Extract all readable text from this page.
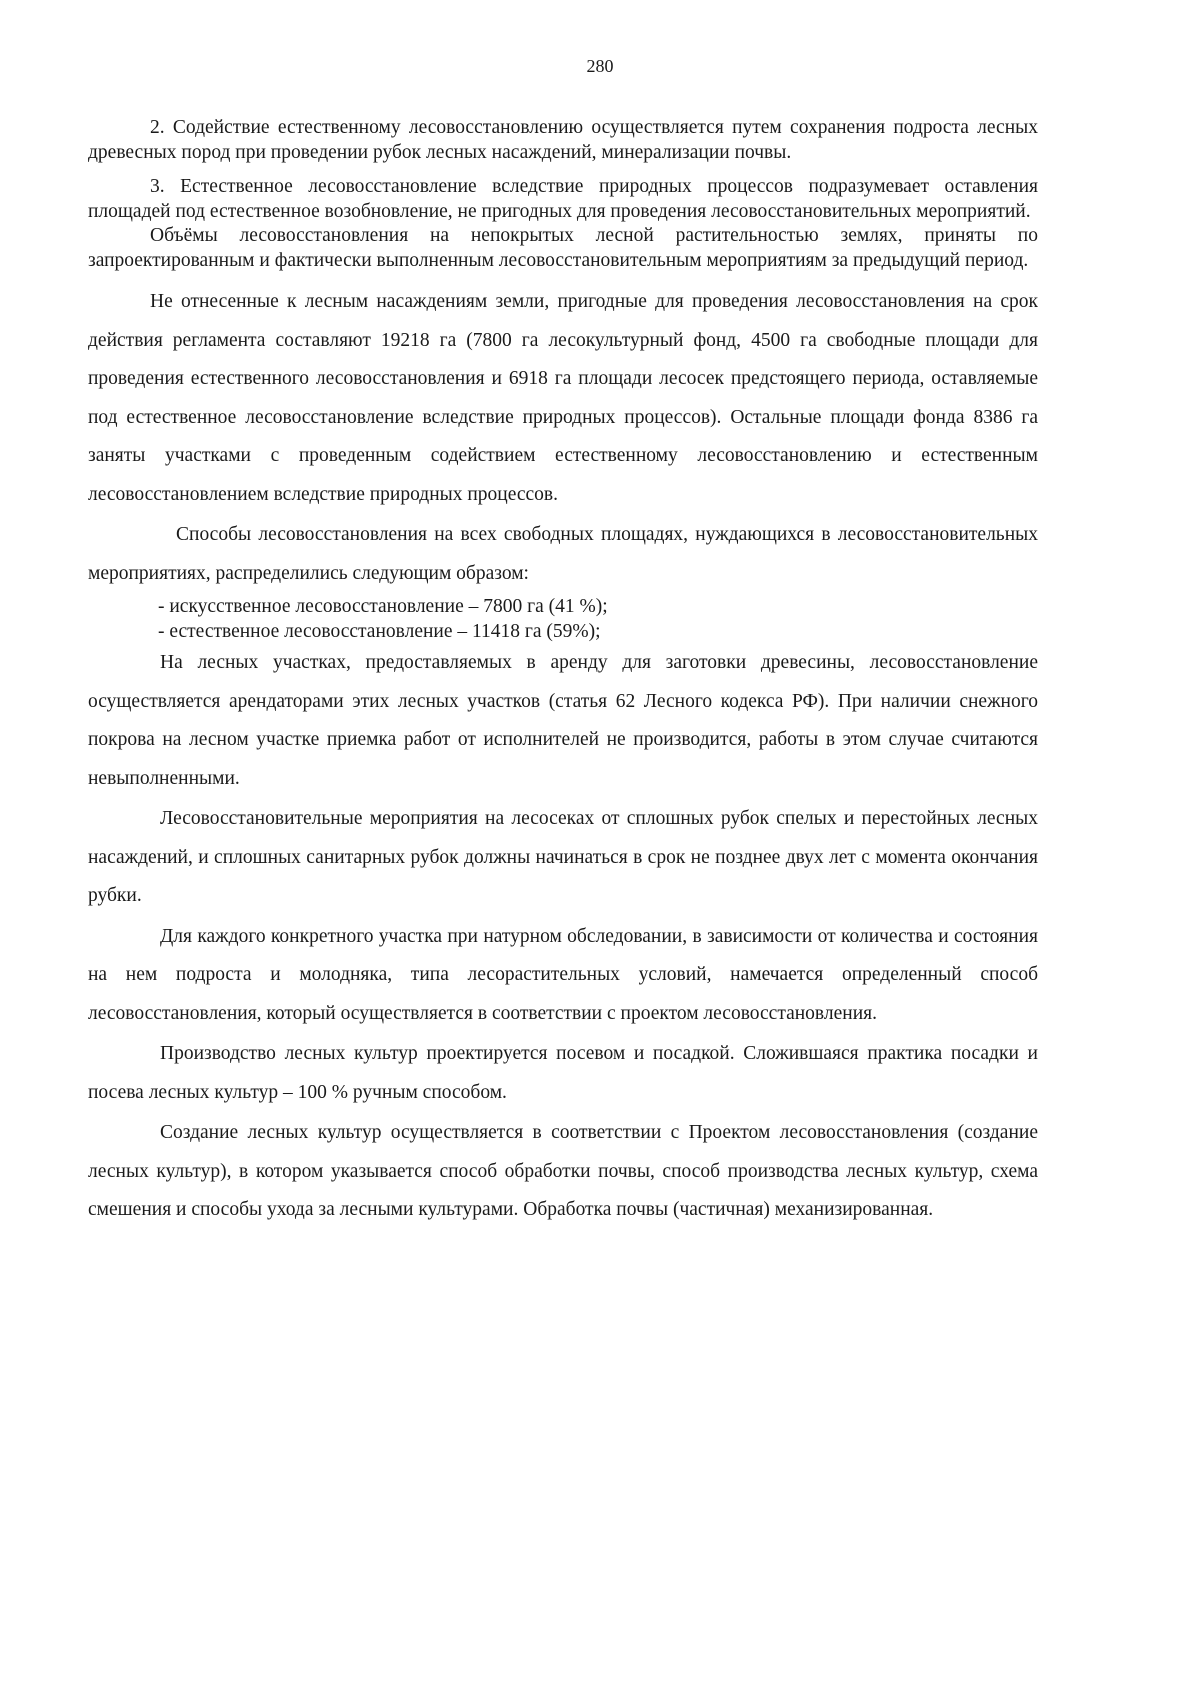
280

2. Содействие естественному лесовосстановлению осуществляется путем сохранения подроста лесных древесных пород при проведении рубок лесных насаждений, минерализации почвы.

3. Естественное лесовосстановление вследствие природных процессов подразумевает оставления площадей под естественное возобновление, не пригодных для проведения лесовосстановительных мероприятий.

Объёмы лесовосстановления на непокрытых лесной растительностью землях, приняты по запроектированным и фактически выполненным лесовосстановительным мероприятиям за предыдущий период.

Не отнесенные к лесным насаждениям земли, пригодные для проведения лесовосстановления на срок действия регламента составляют 19218 га (7800 га лесокультурный фонд, 4500 га свободные площади для проведения естественного лесовосстановления и 6918 га площади лесосек предстоящего периода, оставляемые под естественное лесовосстановление вследствие природных процессов). Остальные площади фонда 8386 га заняты участками с проведенным содействием естественному лесовосстановлению и естественным лесовосстановлением вследствие природных процессов.

Способы лесовосстановления на всех свободных площадях, нуждающихся в лесовосстановительных мероприятиях, распределились следующим образом:

- искусственное лесовосстановление – 7800 га (41 %);
- естественное лесовосстановление – 11418 га (59%);

На лесных участках, предоставляемых в аренду для заготовки древесины, лесовосстановление осуществляется арендаторами этих лесных участков (статья 62 Лесного кодекса РФ). При наличии снежного покрова на лесном участке приемка работ от исполнителей не производится, работы в этом случае считаются невыполненными.

Лесовосстановительные мероприятия на лесосеках от сплошных рубок спелых и перестойных лесных насаждений, и сплошных санитарных рубок должны начинаться в срок не позднее двух лет с момента окончания рубки.

Для каждого конкретного участка при натурном обследовании, в зависимости от количества и состояния на нем подроста и молодняка, типа лесорастительных условий, намечается определенный способ лесовосстановления, который осуществляется в соответствии с проектом лесовосстановления.

Производство лесных культур проектируется посевом и посадкой. Сложившаяся практика посадки и посева лесных культур – 100 % ручным способом.

Создание лесных культур осуществляется в соответствии с Проектом лесовосстановления (создание лесных культур), в котором указывается способ обработки почвы, способ производства лесных культур, схема смешения и способы ухода за лесными культурами. Обработка почвы (частичная) механизированная.
